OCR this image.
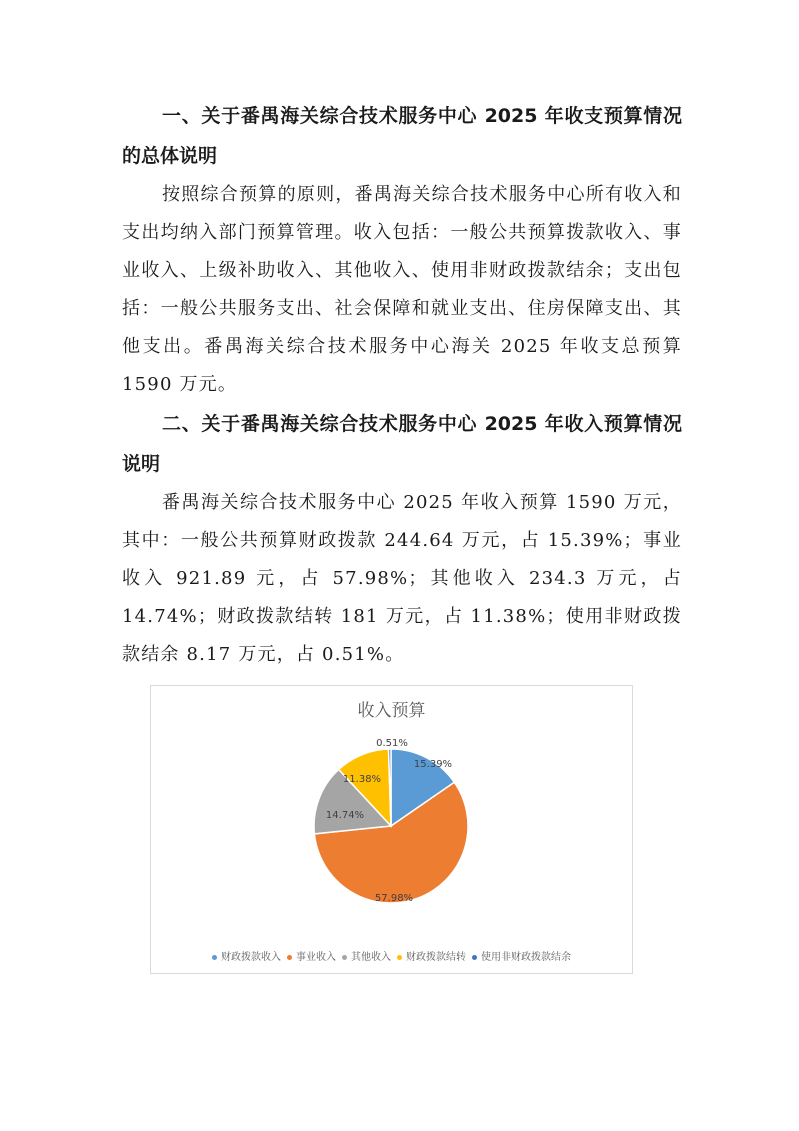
一、关于番禺海关综合技术服务中心 2025 年收支预算情况的总体说明

按照综合预算的原则，番禺海关综合技术服务中心所有收入和支出均纳入部门预算管理。收入包括：一般公共预算拨款收入、事业收入、上级补助收入、其他收入、使用非财政拨款结余；支出包括：一般公共服务支出、社会保障和就业支出、住房保障支出、其他支出。番禺海关综合技术服务中心海关 2025 年收支总预算 1590 万元。

二、关于番禺海关综合技术服务中心 2025 年收入预算情况说明

番禺海关综合技术服务中心 2025 年收入预算 1590 万元，其中：一般公共预算财政拨款 244.64 万元，占 15.39%；事业收入 921.89 元，占 57.98%；其他收入 234.3 万元，占 14.74%；财政拨款结转 181 万元，占 11.38%；使用非财政拨款结余 8.17 万元，占 0.51%。

收入预算
15.39%
57.98%
14.74%
11.38%
0.51%
财政拨款收入 事业收入 其他收入 财政拨款结转 使用非财政拨款结余
